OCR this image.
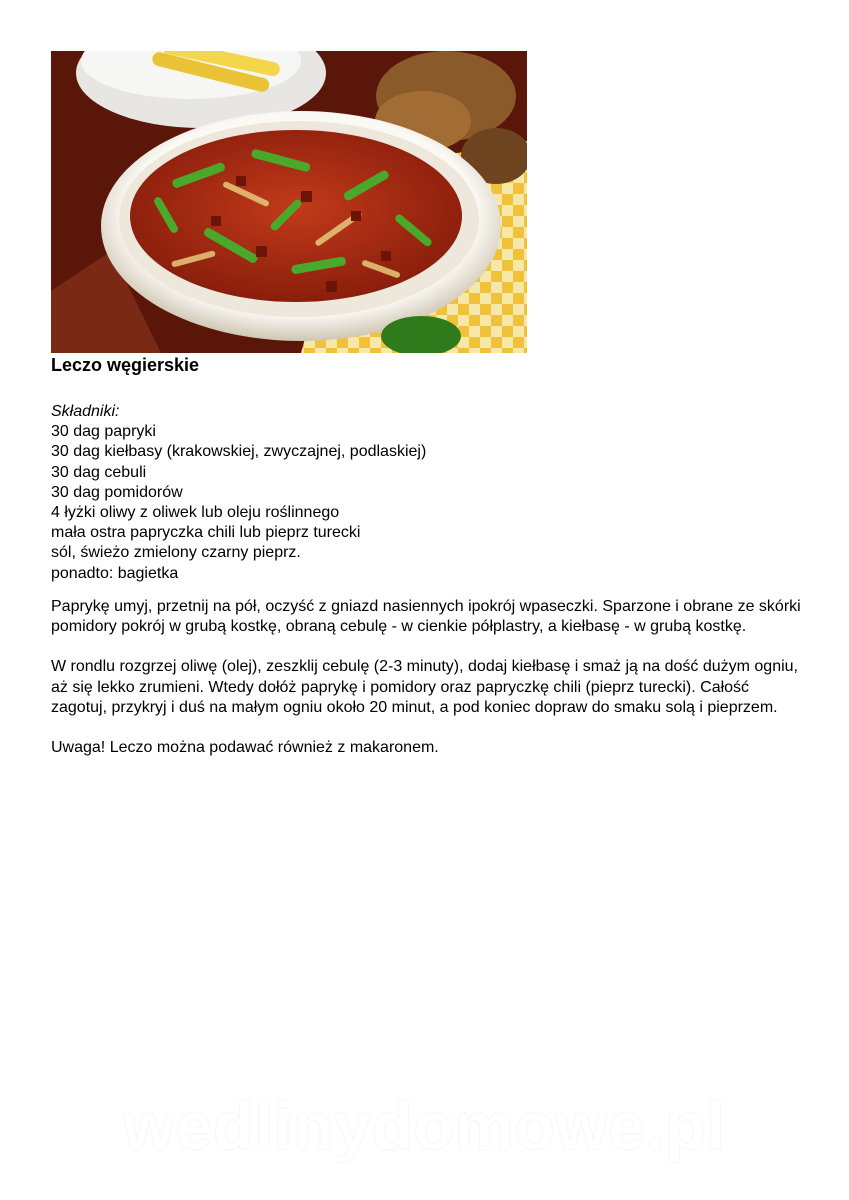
Leczo węgierskie
Składniki:
30 dag papryki
30 dag kiełbasy (krakowskiej, zwyczajnej, podlaskiej)
30 dag cebuli
30 dag pomidorów
4 łyżki oliwy z oliwek lub oleju roślinnego
mała ostra papryczka chili lub pieprz turecki
sól, świeżo zmielony czarny pieprz.
ponadto: bagietka

Paprykę umyj, przetnij na pół, oczyść z gniazd nasiennych ipokrój wpaseczki. Sparzone i obrane ze skórki pomidory pokrój w grubą kostkę, obraną cebulę - w cienkie półplastry, a kiełbasę - w grubą kostkę.

W rondlu rozgrzej oliwę (olej), zeszklij cebulę (2-3 minuty), dodaj kiełbasę i smaż ją na dość dużym ogniu, aż się lekko zrumieni. Wtedy dołóż paprykę i pomidory oraz papryczkę chili (pieprz turecki). Całość zagotuj, przykryj i duś na małym ogniu około 20 minut, a pod koniec dopraw do smaku solą i pieprzem.

Uwaga! Leczo można podawać również z makaronem.

wedlinydomowe.pl
